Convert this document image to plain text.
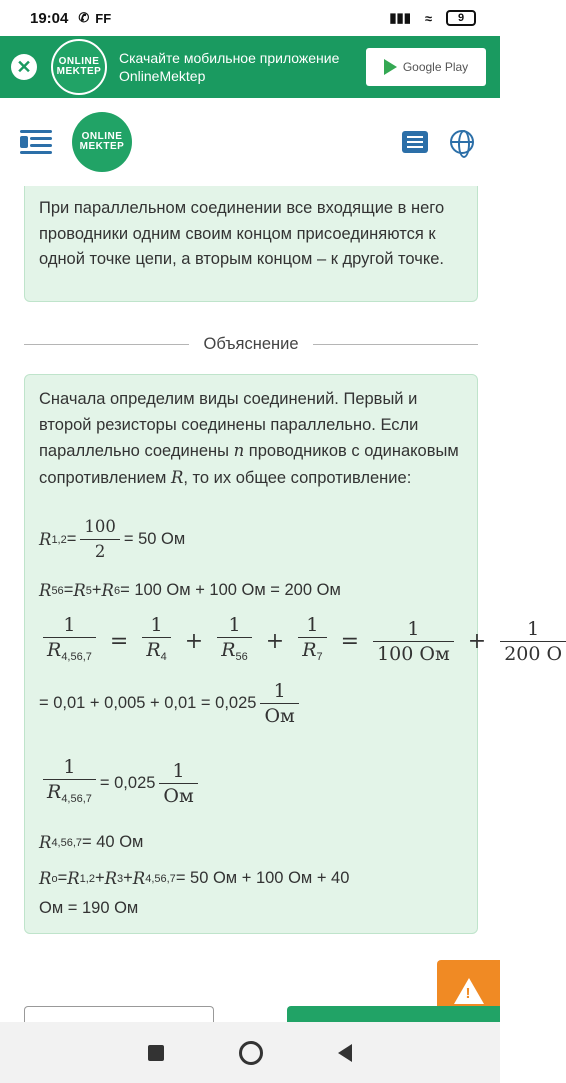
19:04 ✆ FF	▮▮▮ ≈	9
✕	ONLINE
MEKTEP
Скачайте мобильное приложение OnlineMektep
Google Play
ONLINE
MEKTEP
При параллельном соединении все входящие в него проводники одним своим концом присоединяются к одной точке цепи, а вторым концом – к другой точке.
Объяснение
Сначала определим виды соединений. Первый и второй резисторы соединены параллельно. Если параллельно соединены n проводников с одинаковым сопротивлением R, то их общее сопротивление:
R $1,2 = \frac{100}{2} = 50$ Ом
R 56 = R 5 + R 6 = 100 Ом + 100 Ом = 200 Ом
$\frac{1}{R_{4,56,7}} = \frac{1}{R_4} + \frac{1}{R_{56}} + \frac{1}{R_7} = \frac{1}{100 Ом} + \frac{1}{200 О}$
= $0,01 + 0,005 + 0,01 = 0,025 \frac{1}{Ом}$
$\frac{1}{R_{4,56,7}} = 0,025 \frac{1}{Ом}$
R 4,56,7 = 40 Ом
R o = R 1,2 + R 3 + R 4,56,7 = 50 Ом + 100 Ом + 40
Ом = 190 Ом
!
